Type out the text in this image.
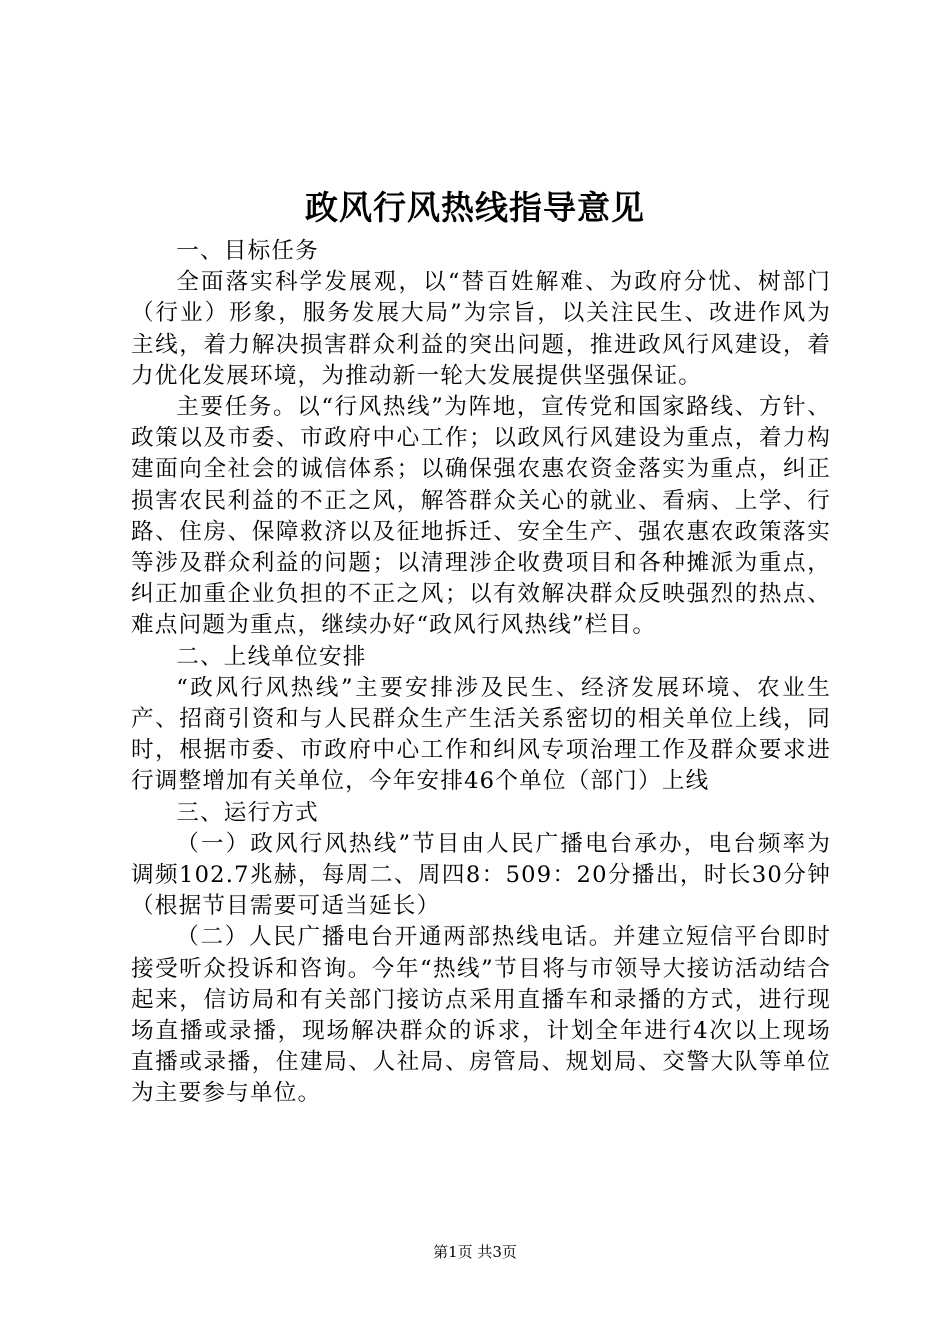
政风行风热线指导意见

一、目标任务

全面落实科学发展观，以“替百姓解难、为政府分忧、树部门（行业）形象，服务发展大局”为宗旨，以关注民生、改进作风为主线，着力解决损害群众利益的突出问题，推进政风行风建设，着力优化发展环境，为推动新一轮大发展提供坚强保证。

主要任务。以“行风热线”为阵地，宣传党和国家路线、方针、政策以及市委、市政府中心工作；以政风行风建设为重点，着力构建面向全社会的诚信体系；以确保强农惠农资金落实为重点，纠正损害农民利益的不正之风，解答群众关心的就业、看病、上学、行路、住房、保障救济以及征地拆迁、安全生产、强农惠农政策落实等涉及群众利益的问题；以清理涉企收费项目和各种摊派为重点，纠正加重企业负担的不正之风；以有效解决群众反映强烈的热点、难点问题为重点，继续办好“政风行风热线”栏目。

二、上线单位安排

“政风行风热线”主要安排涉及民生、经济发展环境、农业生产、招商引资和与人民群众生产生活关系密切的相关单位上线，同时，根据市委、市政府中心工作和纠风专项治理工作及群众要求进行调整增加有关单位，今年安排46个单位（部门）上线

三、运行方式

（一）政风行风热线”节目由人民广播电台承办，电台频率为调频102.7兆赫，每周二、周四8：509：20分播出，时长30分钟（根据节目需要可适当延长）

（二）人民广播电台开通两部热线电话。并建立短信平台即时接受听众投诉和咨询。今年“热线”节目将与市领导大接访活动结合起来，信访局和有关部门接访点采用直播车和录播的方式，进行现场直播或录播，现场解决群众的诉求，计划全年进行4次以上现场直播或录播，住建局、人社局、房管局、规划局、交警大队等单位为主要参与单位。

第1页 共3页
